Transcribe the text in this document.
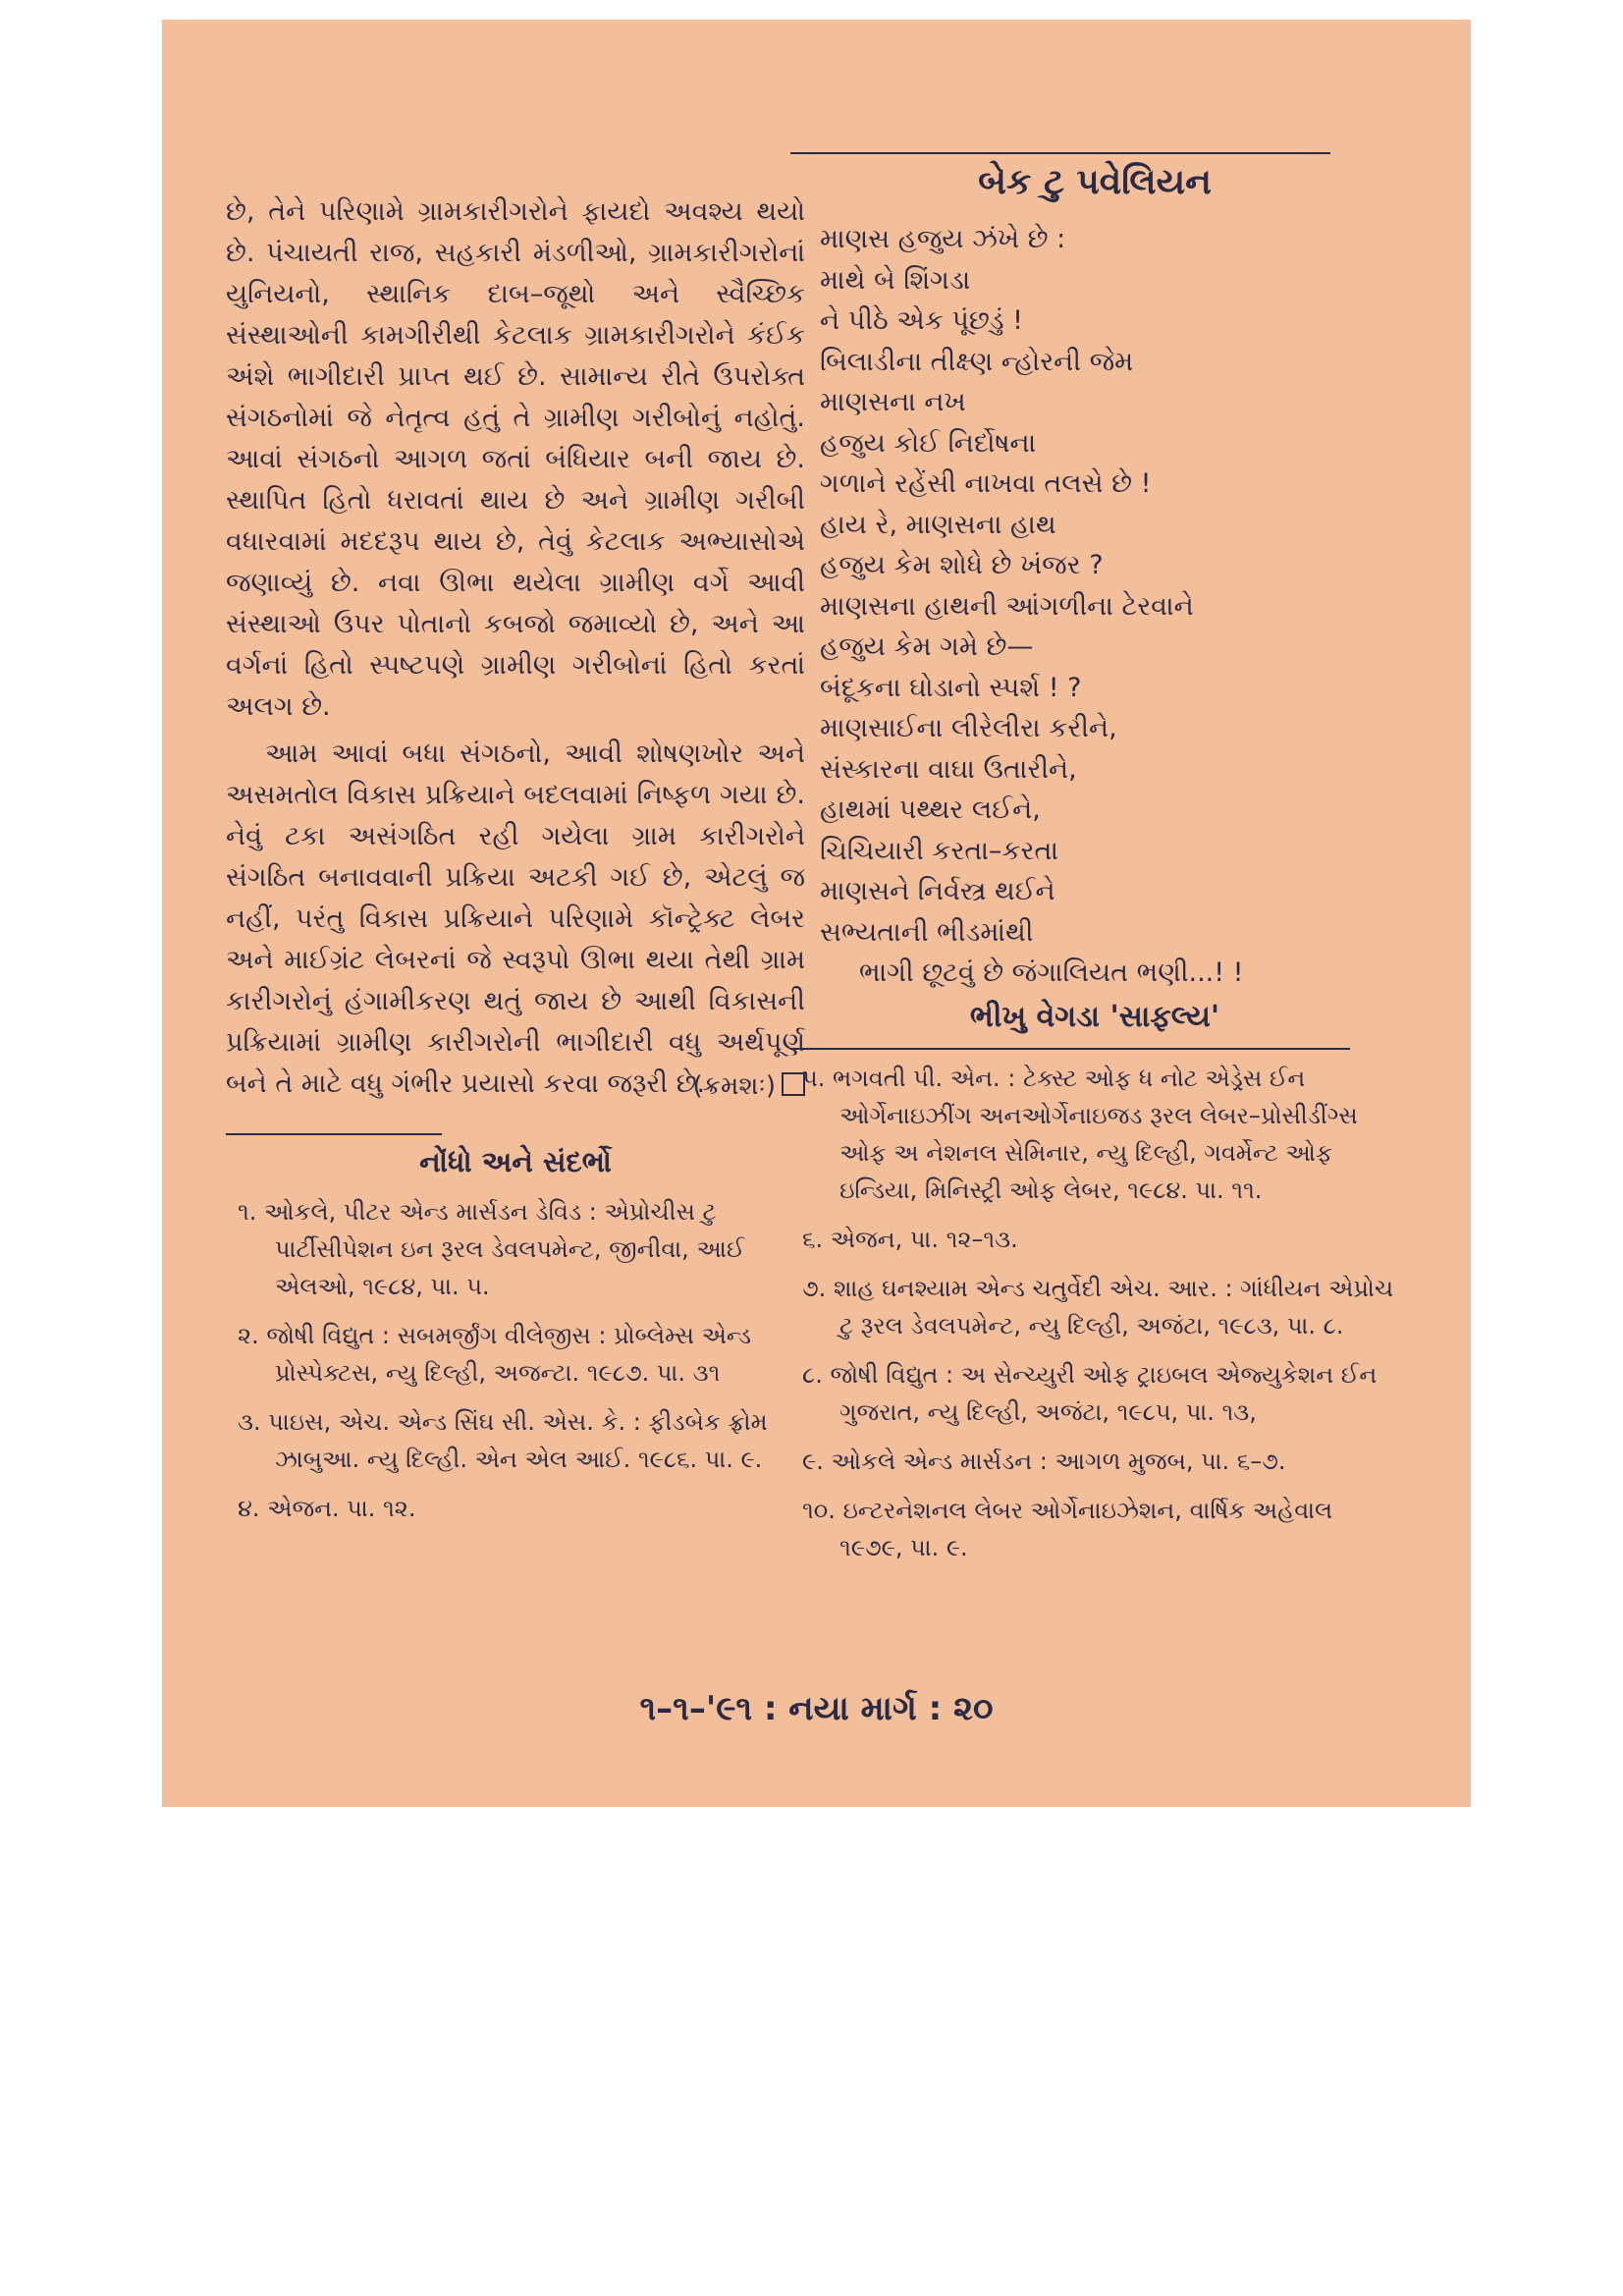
છે, તેને પરિણામે ગ્રામકારીગરોને ફાયદો અવશ્ય થયો છે. પંચાયતી રાજ, સહકારી મંડળીઓ, ગ્રામકારીગરોનાં યુનિયનો, સ્થાનિક દાબ–જૂથો અને સ્વૈચ્છિક સંસ્થાઓની કામગીરીથી કેટલાક ગ્રામકારીગરોને કંઈક અંશે ભાગીદારી પ્રાપ્ત થઈ છે. સામાન્ય રીતે ઉપરોક્ત સંગઠનોમાં જે નેતૃત્વ હતું તે ગ્રામીણ ગરીબોનું નહોતું. આવાં સંગઠનો આગળ જતાં બંધિયાર બની જાય છે. સ્થાપિત હિતો ધરાવતાં થાય છે અને ગ્રામીણ ગરીબી વધારવામાં મદદરૂપ થાય છે, તેવું કેટલાક અભ્યાસોએ જણાવ્યું છે. નવા ઊભા થયેલા ગ્રામીણ વર્ગે આવી સંસ્થાઓ ઉપર પોતાનો કબજો જમાવ્યો છે, અને આ વર્ગનાં હિતો સ્પષ્ટપણે ગ્રામીણ ગરીબોનાં હિતો કરતાં અલગ છે.

આમ આવાં બધા સંગઠનો, આવી શોષણખોર અને અસમતોલ વિકાસ પ્રક્રિયાને બદલવામાં નિષ્ફળ ગયા છે. નેવું ટકા અસંગઠિત રહી ગયેલા ગ્રામ કારીગરોને સંગઠિત બનાવવાની પ્રક્રિયા અટકી ગઈ છે, એટલું જ નહીં, પરંતુ વિકાસ પ્રક્રિયાને પરિણામે કૉન્ટ્રેક્ટ લેબર અને માઈગ્રંટ લેબરનાં જે સ્વરૂપો ઊભા થયા તેથી ગ્રામ કારીગરોનું હંગામીકરણ થતું જાય છે આથી વિકાસની પ્રક્રિયામાં ગ્રામીણ કારીગરોની ભાગીદારી વધુ અર્થપૂર્ણ બને તે માટે વધુ ગંભીર પ્રયાસો કરવા જરૂરી છે.

(ક્રમશઃ)
નોંધો અને સંદર્ભો
૧. ઓકલે, પીટર એન્ડ માર્સડન ડેવિડ : એપ્રોચીસ ટુ પાર્ટીસીપેશન ઇન રૂરલ ડેવલપમેન્ટ, જીનીવા, આઈ એલઓ, ૧૯૮૪, પા. ૫.
૨. જોષી વિદ્યુત : સબમર્જીંગ વીલેજીસ : પ્રોબ્લેમ્સ એન્ડ પ્રોસ્પેક્ટસ, ન્યુ દિલ્હી, અજન્ટા. ૧૯૮૭. પા. ૩૧
૩. પાઇસ, એચ. એન્ડ સિંઘ સી. એસ. કે. : ફીડબેક ફ્રોમ ઝાબુઆ. ન્યુ દિલ્હી. એન એલ આઈ. ૧૯૮૬. પા. ૯.
૪. એજન. પા. ૧૨.
બેક ટુ પવેલિયન
માણસ હજુય ઝંખે છે :
માથે બે શિંગડા
ને પીઠે એક પૂંછડું !
બિલાડીના તીક્ષ્ણ ન્હોરની જેમ
માણસના નખ
હજુય કોઈ નિર્દોષના
ગળાને રહેંસી નાખવા તલસે છે !
હાય રે, માણસના હાથ
હજુય કેમ શોધે છે ખંજર ?
માણસના હાથની આંગળીના ટેરવાને
હજુય કેમ ગમે છે—
બંદૂકના ઘોડાનો સ્પર્શ ! ?
માણસાઈના લીરેલીરા કરીને,
સંસ્કારના વાઘા ઉતારીને,
હાથમાં પથ્થર લઈને,
ચિચિયારી કરતા–કરતા
માણસને નિર્વસ્ત્ર થઈને
સભ્યતાની ભીડમાંથી
ભાગી છૂટવું છે જંગાલિયત ભણી...! !
ભીખુ વેગડા 'સાફલ્ય'
૫. ભગવતી પી. એન. : ટેક્સ્ટ ઓફ ધ નોટ એડ્રેસ ઈન ઓર્ગેનાઇઝીંગ અનઓર્ગેનાઇજડ રૂરલ લેબર–પ્રોસીડીંગ્સ ઓફ અ નેશનલ સેમિનાર, ન્યુ દિલ્હી, ગવર્મેન્ટ ઓફ ઇન્ડિયા, મિનિસ્ટ્રી ઓફ લેબર, ૧૯૮૪. પા. ૧૧.
૬. એજન, પા. ૧૨–૧૩.
૭. શાહ ઘનશ્યામ એન્ડ ચતુર્વેદી એચ. આર. : ગાંધીયન એપ્રોચ ટુ રૂરલ ડેવલપમેન્ટ, ન્યુ દિલ્હી, અજંટા, ૧૯૮૩, પા. ૮.
૮. જોષી વિદ્યુત : અ સેન્ચ્યુરી ઓફ ટ્રાઇબલ એજ્યુકેશન ઈન ગુજરાત, ન્યુ દિલ્હી, અજંટા, ૧૯૮૫, પા. ૧૩,
૯. ઓકલે એન્ડ માર્સડન : આગળ મુજબ, પા. ૬–૭.
૧૦. ઇન્ટરનેશનલ લેબર ઓર્ગેનાઇઝેશન, વાર્ષિક અહેવાલ ૧૯૭૯, પા. ૯.
૧–૧–'૯૧ : નયા માર્ગ : ૨૦
